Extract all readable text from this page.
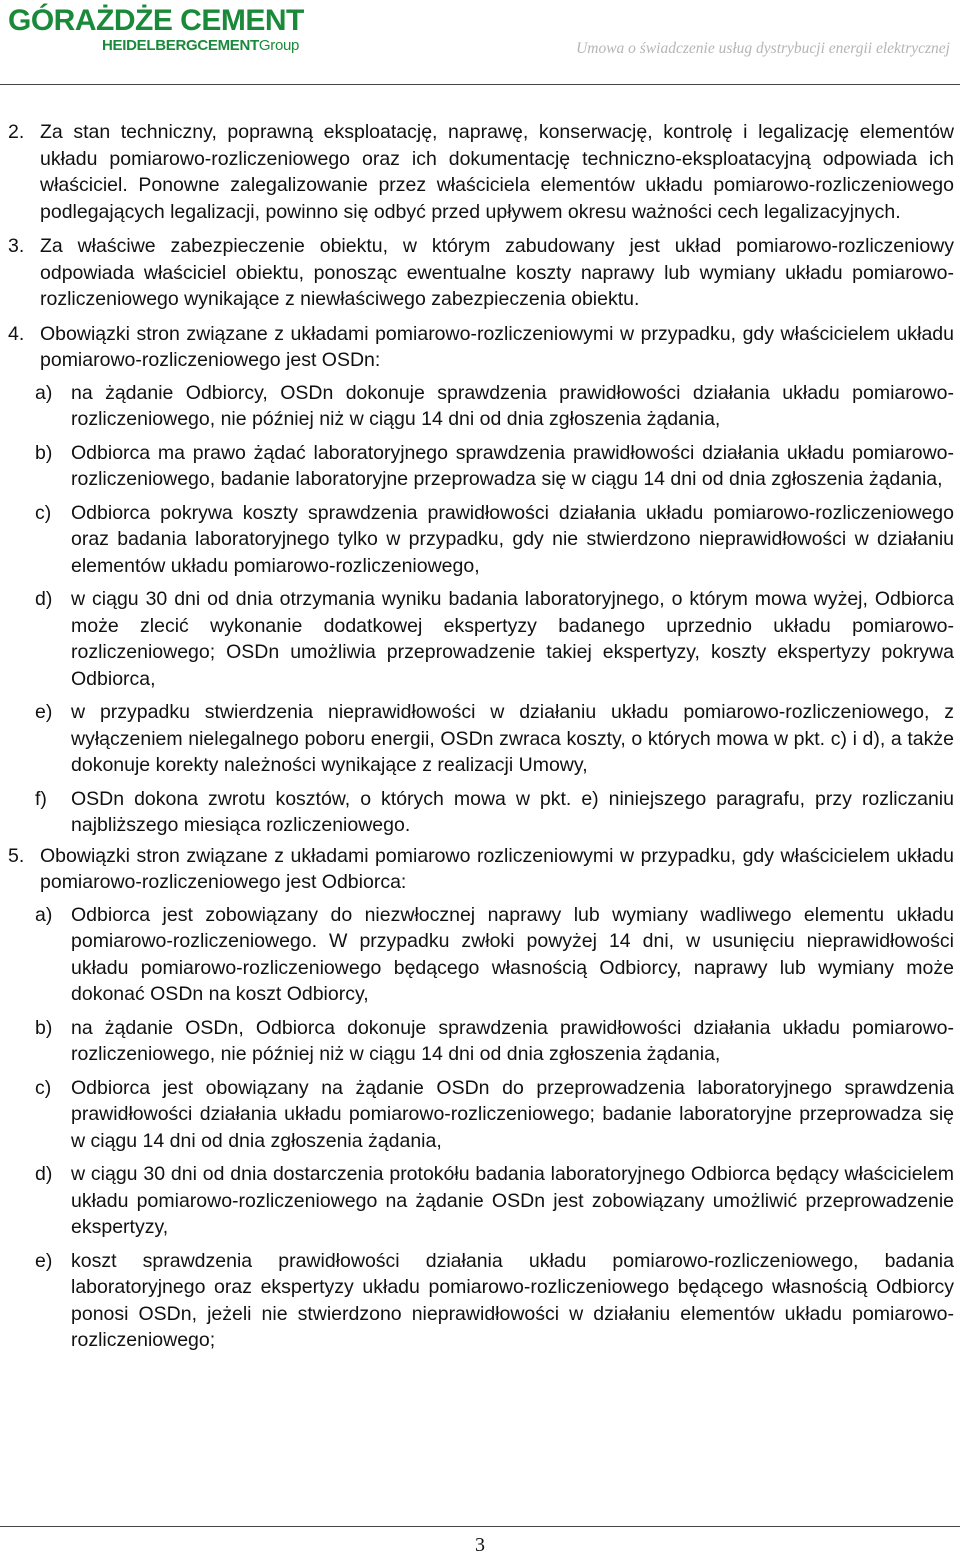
GÓRAŻDŻE CEMENT
HEIDELBERGCEMENTGroup	Umowa o świadczenie usług dystrybucji energii elektrycznej
2. Za stan techniczny, poprawną eksploatację, naprawę, konserwację, kontrolę i legalizację elementów układu pomiarowo-rozliczeniowego oraz ich dokumentację techniczno-eksploatacyjną odpowiada ich właściciel. Ponowne zalegalizowanie przez właściciela elementów układu pomiarowo-rozliczeniowego podlegających legalizacji, powinno się odbyć przed upływem okresu ważności cech legalizacyjnych.
3. Za właściwe zabezpieczenie obiektu, w którym zabudowany jest układ pomiarowo-rozliczeniowy odpowiada właściciel obiektu, ponosząc ewentualne koszty naprawy lub wymiany układu pomiarowo-rozliczeniowego wynikające z niewłaściwego zabezpieczenia obiektu.
4. Obowiązki stron związane z układami pomiarowo-rozliczeniowymi w przypadku, gdy właścicielem układu pomiarowo-rozliczeniowego jest OSDn:
a) na żądanie Odbiorcy, OSDn dokonuje sprawdzenia prawidłowości działania układu pomiarowo-rozliczeniowego, nie później niż w ciągu 14 dni od dnia zgłoszenia żądania,
b) Odbiorca ma prawo żądać laboratoryjnego sprawdzenia prawidłowości działania układu pomiarowo-rozliczeniowego, badanie laboratoryjne przeprowadza się w ciągu 14 dni od dnia zgłoszenia żądania,
c) Odbiorca pokrywa koszty sprawdzenia prawidłowości działania układu pomiarowo-rozliczeniowego oraz badania laboratoryjnego tylko w przypadku, gdy nie stwierdzono nieprawidłowości w działaniu elementów układu pomiarowo-rozliczeniowego,
d) w ciągu 30 dni od dnia otrzymania wyniku badania laboratoryjnego, o którym mowa wyżej, Odbiorca może zlecić wykonanie dodatkowej ekspertyzy badanego uprzednio układu pomiarowo-rozliczeniowego; OSDn umożliwia przeprowadzenie takiej ekspertyzy, koszty ekspertyzy pokrywa Odbiorca,
e) w przypadku stwierdzenia nieprawidłowości w działaniu układu pomiarowo-rozliczeniowego, z wyłączeniem nielegalnego poboru energii, OSDn zwraca koszty, o których mowa w pkt. c) i d), a także dokonuje korekty należności wynikające z realizacji Umowy,
f) OSDn dokona zwrotu kosztów, o których mowa w pkt. e) niniejszego paragrafu, przy rozliczaniu najbliższego miesiąca rozliczeniowego.
5. Obowiązki stron związane z układami pomiarowo rozliczeniowymi w przypadku, gdy właścicielem układu pomiarowo-rozliczeniowego jest Odbiorca:
a) Odbiorca jest zobowiązany do niezwłocznej naprawy lub wymiany wadliwego elementu układu pomiarowo-rozliczeniowego. W przypadku zwłoki powyżej 14 dni, w usunięciu nieprawidłowości układu pomiarowo-rozliczeniowego będącego własnością Odbiorcy, naprawy lub wymiany może dokonać OSDn na koszt Odbiorcy,
b) na żądanie OSDn, Odbiorca dokonuje sprawdzenia prawidłowości działania układu pomiarowo-rozliczeniowego, nie później niż w ciągu 14 dni od dnia zgłoszenia żądania,
c) Odbiorca jest obowiązany na żądanie OSDn do przeprowadzenia laboratoryjnego sprawdzenia prawidłowości działania układu pomiarowo-rozliczeniowego; badanie laboratoryjne przeprowadza się w ciągu 14 dni od dnia zgłoszenia żądania,
d) w ciągu 30 dni od dnia dostarczenia protokółu badania laboratoryjnego Odbiorca będący właścicielem układu pomiarowo-rozliczeniowego na żądanie OSDn jest zobowiązany umożliwić przeprowadzenie ekspertyzy,
e) koszt sprawdzenia prawidłowości działania układu pomiarowo-rozliczeniowego, badania laboratoryjnego oraz ekspertyzy układu pomiarowo-rozliczeniowego będącego własnością Odbiorcy ponosi OSDn, jeżeli nie stwierdzono nieprawidłowości w działaniu elementów układu pomiarowo-rozliczeniowego;
3
